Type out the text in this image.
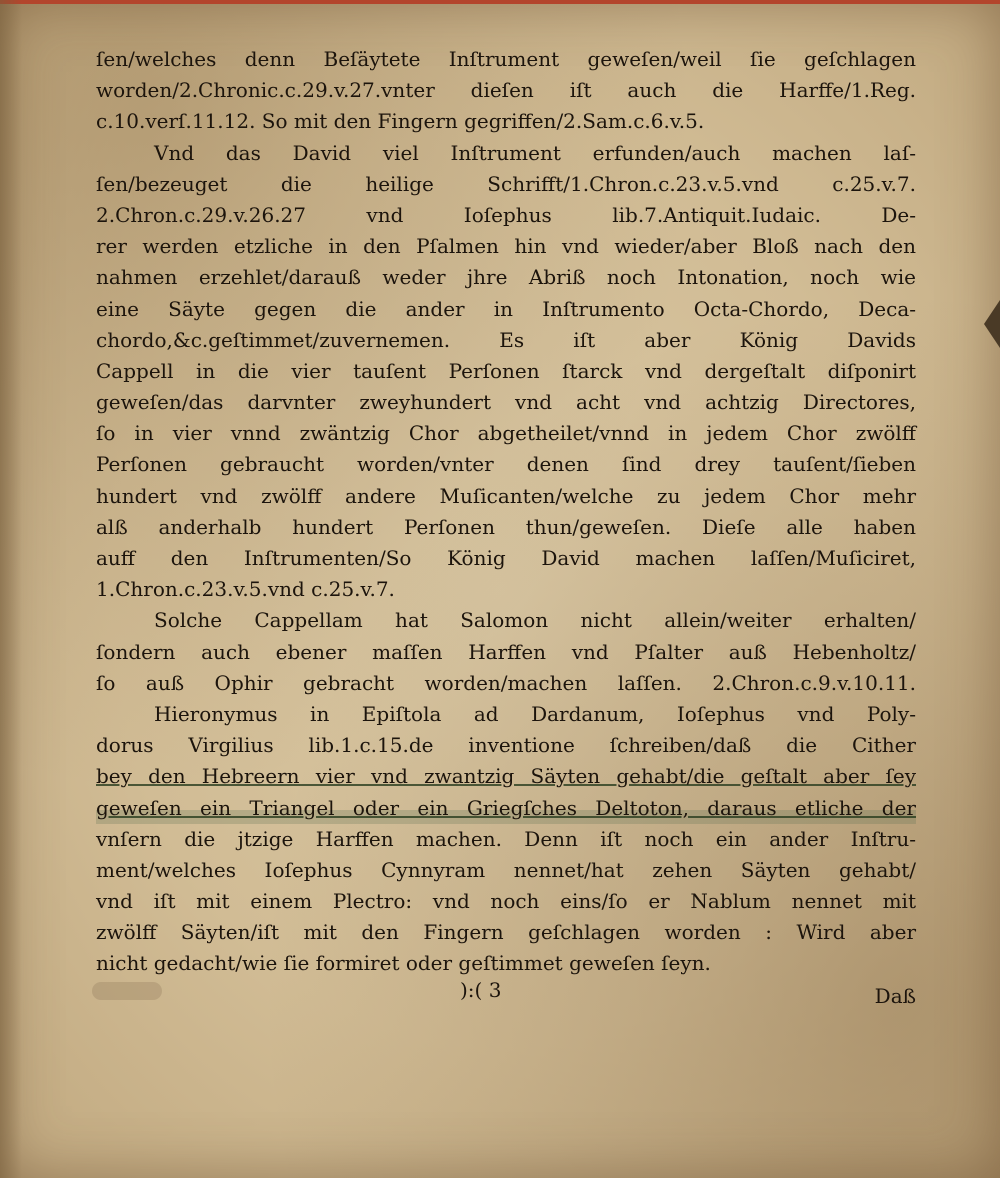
ſen/welches denn Beſäytete Inſtrument geweſen/weil ſie geſchlagen
worden/2.Chronic.c.29.v.27.vnter dieſen iſt auch die Harffe/1.Reg.
c.10.verſ.11.12. So mit den Fingern gegriffen/2.Sam.c.6.v.5.
Vnd das David viel Inſtrument erfunden/auch machen laſ-
ſen/bezeuget die heilige Schrifft/1.Chron.c.23.v.5.vnd c.25.v.7.
2.Chron.c.29.v.26.27 vnd Ioſephus lib.7.Antiquit.Iudaic. De-
rer werden etzliche in den Pſalmen hin vnd wieder/aber Bloß nach den
nahmen erzehlet/darauß weder jhre Abriß noch Intonation, noch wie
eine Säyte gegen die ander in Inſtrumento Octa-Chordo, Deca-
chordo,&c.geſtimmet/zuvernemen. Es iſt aber König Davids
Cappell in die vier tauſent Perſonen ſtarck vnd dergeſtalt diſponirt
geweſen/das darvnter zweyhundert vnd acht vnd achtzig Directores,
ſo in vier vnnd zwäntzig Chor abgetheilet/vnnd in jedem Chor zwölff
Perſonen gebraucht worden/vnter denen ſind drey tauſent/ſieben
hundert vnd zwölff andere Muſicanten/welche zu jedem Chor mehr
alß anderhalb hundert Perſonen thun/geweſen. Dieſe alle haben
auff den Inſtrumenten/So König David machen laſſen/Muſiciret,
1.Chron.c.23.v.5.vnd c.25.v.7.
Solche Cappellam hat Salomon nicht allein/weiter erhalten/
ſondern auch ebener maſſen Harffen vnd Pſalter auß Hebenholtz/
ſo auß Ophir gebracht worden/machen laſſen. 2.Chron.c.9.v.10.11.
Hieronymus in Epiſtola ad Dardanum, Ioſephus vnd Poly-
dorus Virgilius lib.1.c.15.de inventione ſchreiben/daß die Cither
bey den Hebreern vier vnd zwantzig Säyten gehabt/die geſtalt aber ſey
geweſen ein Triangel oder ein Griegſches Deltoton, daraus etliche der
vnſern die jtzige Harffen machen. Denn iſt noch ein ander Inſtru-
ment/welches Ioſephus Cynnyram nennet/hat zehen Säyten gehabt/
vnd iſt mit einem Plectro: vnd noch eins/ſo er Nablum nennet mit
zwölff Säyten/iſt mit den Fingern geſchlagen worden : Wird aber
nicht gedacht/wie ſie formiret oder geſtimmet geweſen ſeyn.
):( 3	Daß
